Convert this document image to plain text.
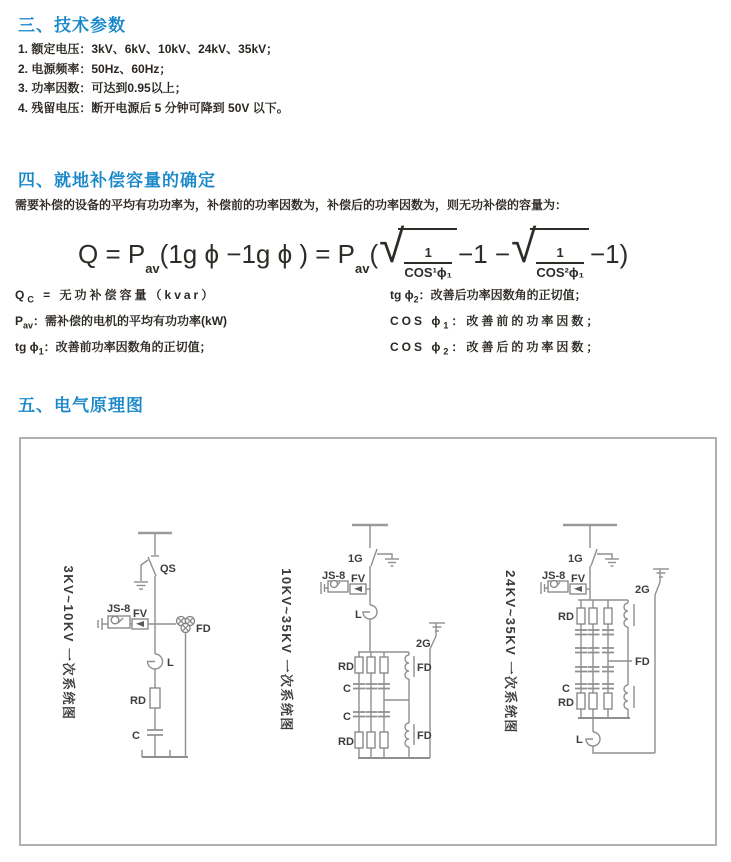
三、技术参数
1. 额定电压：3kV、6kV、10kV、24kV、35kV；
2. 电源频率：50Hz、60Hz；
3. 功率因数：可达到0.95以上；
4. 残留电压：断开电源后 5 分钟可降到 50V 以下。
四、就地补偿容量的确定
需要补偿的设备的平均有功功率为，补偿前的功率因数为，补偿后的功率因数为，则无功补偿的容量为：
Q = P
$_{av}$
(1g ϕ −1g ϕ ) = P
$_{av}$
( √ $\frac{1}{\text{COS¹ϕ₁}} -1$ − √ $\frac{1}{\text{COS²ϕ₁}} -1$)
$Q_C$ = 无功补偿容量（kvar）
$P_{av}$：需补偿的电机的平均有功功率(kW)
tg $\phi_1$：改善前功率因数角的正切值；
tg $\phi_2$：改善后功率因数角的正切值；
COS $\phi_1$：改善前的功率因数；
COS $\phi_2$：改善后的功率因数；
五、电气原理图
3KV~10KV 一次系统图	10KV~35KV 一次系统图	24KV~35KV 一次系统图
QS
JS-8 FV
FD
L
RD
C
1G
JS-8 FV
L
RD
C
C
RD
FD
FD
2G
1G
JS-8 FV
RD
C
RD
FD
L
2G
